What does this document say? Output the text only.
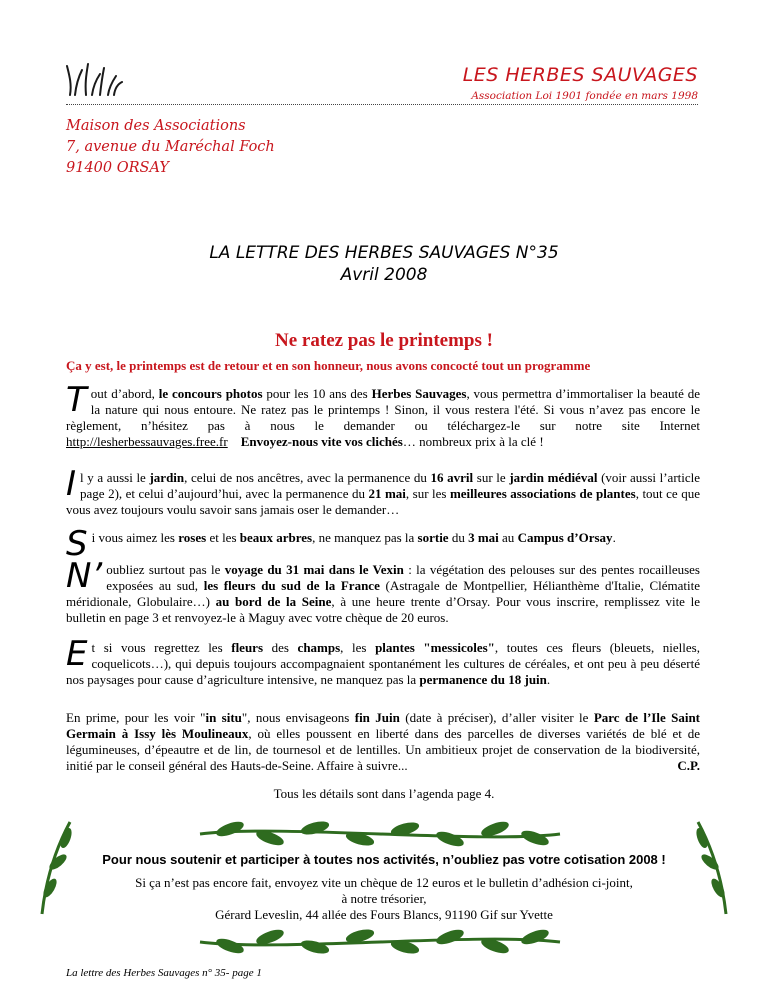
LES HERBES SAUVAGES
Association Loi 1901 fondée en mars 1998
Maison des Associations
7, avenue du Maréchal Foch
91400 ORSAY
LA LETTRE DES HERBES SAUVAGES N°35
Avril 2008
Ne ratez pas le printemps !
Ça y est, le printemps est de retour et en son honneur, nous avons concocté tout un programme
Tout d’abord, le concours photos pour les 10 ans des Herbes Sauvages, vous permettra d’immortaliser la beauté de la nature qui nous entoure. Ne ratez pas le printemps ! Sinon, il vous restera l'été. Si vous n’avez pas encore le règlement, n’hésitez pas à nous le demander ou téléchargez-le sur notre site Internet http://lesherbessauvages.free.fr Envoyez-nous vite vos clichés… nombreux prix à la clé !
Il y a aussi le jardin, celui de nos ancêtres, avec la permanence du 16 avril sur le jardin médiéval (voir aussi l’article page 2), et celui d’aujourd’hui, avec la permanence du 21 mai, sur les meilleures associations de plantes, tout ce que vous avez toujours voulu savoir sans jamais oser le demander…
Si vous aimez les roses et les beaux arbres, ne manquez pas la sortie du 3 mai au Campus d’Orsay.
N’ oubliez surtout pas le voyage du 31 mai dans le Vexin : la végétation des pelouses sur des pentes rocailleuses exposées au sud, les fleurs du sud de la France (Astragale de Montpellier, Hélianthème d'Italie, Clématite méridionale, Globulaire…) au bord de la Seine, à une heure trente d’Orsay. Pour vous inscrire, remplissez vite le bulletin en page 3 et renvoyez-le à Maguy avec votre chèque de 20 euros.
Et si vous regrettez les fleurs des champs, les plantes "messicoles", toutes ces fleurs (bleuets, nielles, coquelicots…), qui depuis toujours accompagnaient spontanément les cultures de céréales, et ont peu à peu déserté nos paysages pour cause d’agriculture intensive, ne manquez pas la permanence du 18 juin.
En prime, pour les voir "in situ", nous envisageons fin Juin (date à préciser), d’aller visiter le Parc de l’Ile Saint Germain à Issy lès Moulineaux, où elles poussent en liberté dans des parcelles de diverses variétés de blé et de légumineuses, d’épeautre et de lin, de tournesol et de lentilles. Un ambitieux projet de conservation de la biodiversité, initié par le conseil général des Hauts-de-Seine. Affaire à suivre...	C.P.
Tous les détails sont dans l’agenda page 4.
Pour nous soutenir et participer à toutes nos activités, n’oubliez pas votre cotisation 2008 !
Si ça n’est pas encore fait, envoyez vite un chèque de 12 euros et le bulletin d’adhésion ci-joint,
à notre trésorier,
Gérard Leveslin, 44 allée des Fours Blancs, 91190 Gif sur Yvette
La lettre des Herbes Sauvages n° 35- page 1
